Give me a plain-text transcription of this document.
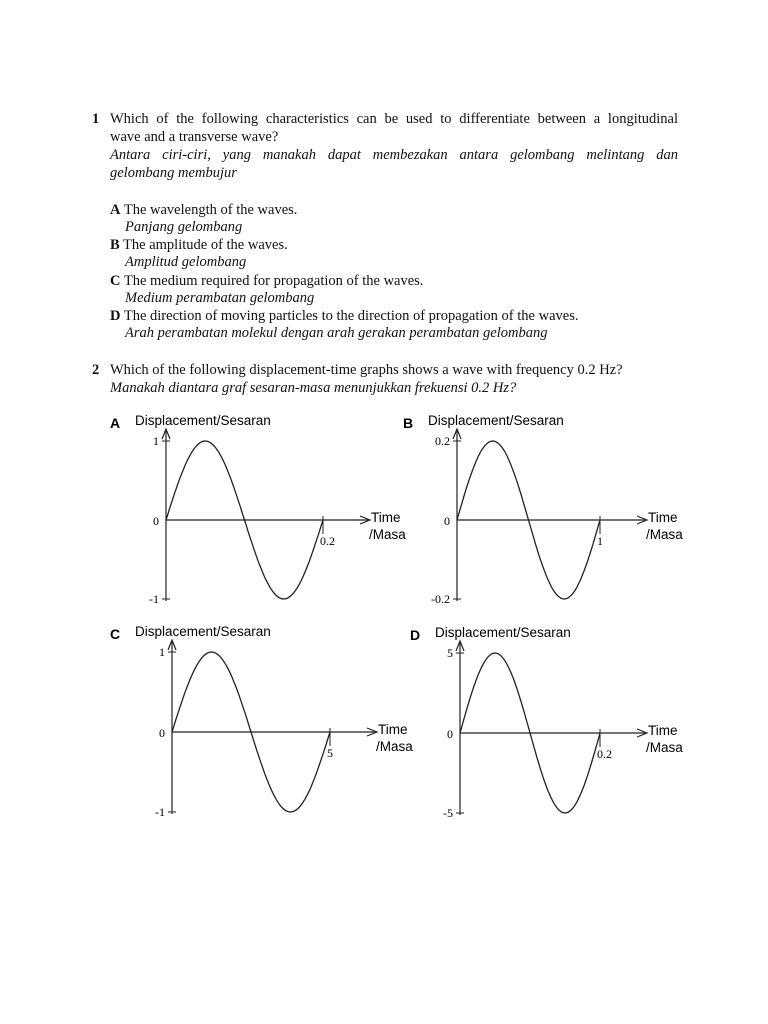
1 Which of the following characteristics can be used to differentiate between a longitudinal
wave and a transverse wave?
Antara ciri-ciri, yang manakah dapat membezakan antara gelombang melintang dan
gelombang membujur
A The wavelength of the waves.
Panjang gelombang
B The amplitude of the waves.
Amplitud gelombang
C The medium required for propagation of the waves.
Medium perambatan gelombang
D The direction of moving particles to the direction of propagation of the waves.
Arah perambatan molekul dengan arah gerakan perambatan gelombang
2 Which of the following displacement-time graphs shows a wave with frequency 0.2 Hz?
Manakah diantara graf sesaran-masa menunjukkan frekuensi 0.2 Hz?
A Displacement/Sesaran
1
0
-1
0.2
Time
/Masa
B Displacement/Sesaran
0.2
0
-0.2
1
Time
/Masa
C Displacement/Sesaran
1
0
-1
5
Time
/Masa
D Displacement/Sesaran
5
0
-5
0.2
Time
/Masa
